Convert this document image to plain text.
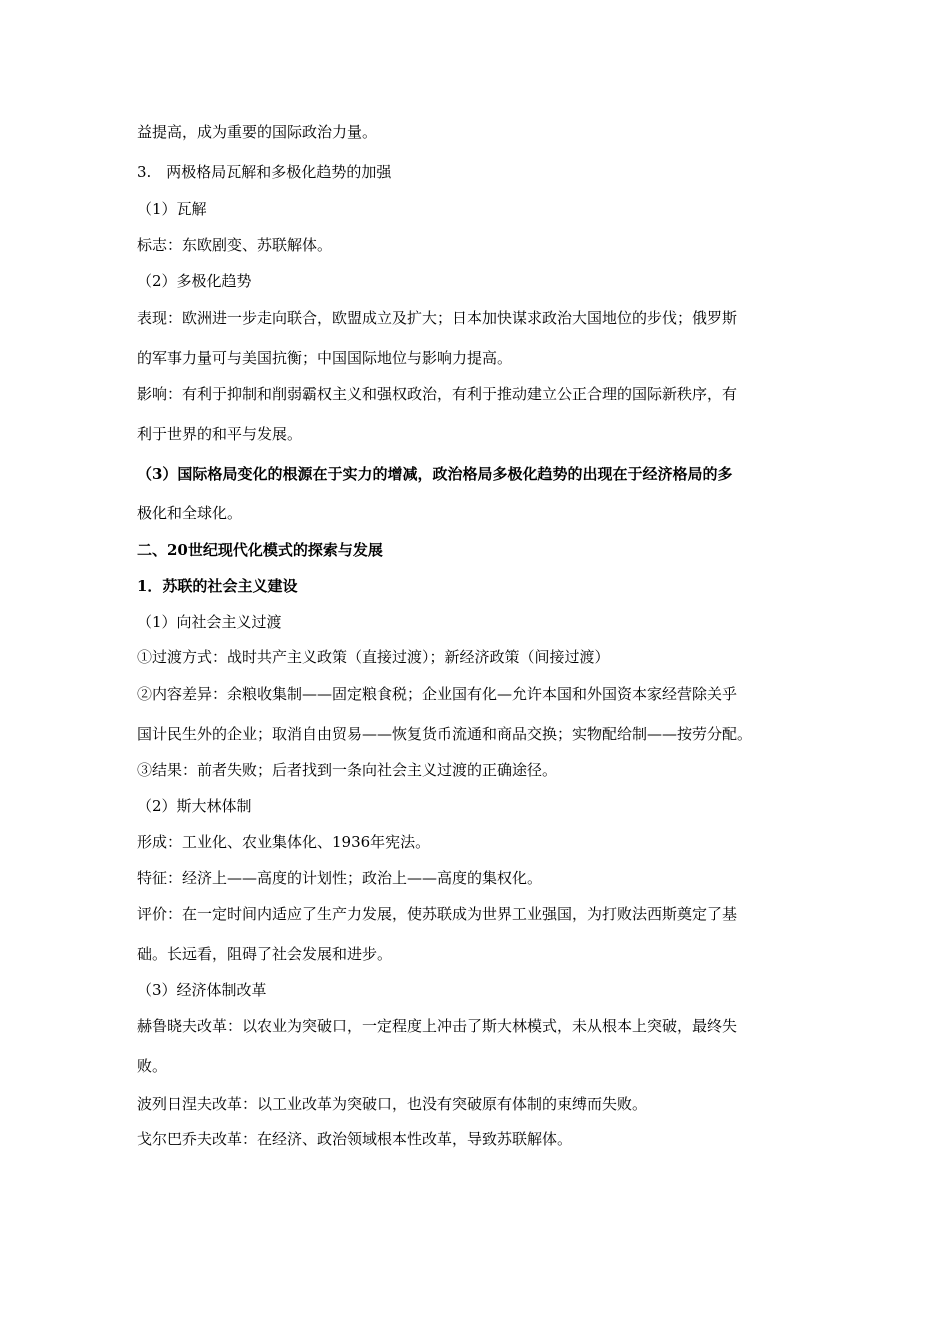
益提高，成为重要的国际政治力量。
3.　两极格局瓦解和多极化趋势的加强
（1）瓦解
标志：东欧剧变、苏联解体。
（2）多极化趋势
表现：欧洲进一步走向联合，欧盟成立及扩大；日本加快谋求政治大国地位的步伐；俄罗斯
的军事力量可与美国抗衡；中国国际地位与影响力提高。
影响：有利于抑制和削弱霸权主义和强权政治，有利于推动建立公正合理的国际新秩序，有
利于世界的和平与发展。
（3）国际格局变化的根源在于实力的增减，政治格局多极化趋势的出现在于经济格局的多
极化和全球化。
二、20世纪现代化模式的探索与发展
1．苏联的社会主义建设
（1）向社会主义过渡
①过渡方式：战时共产主义政策（直接过渡）；新经济政策（间接过渡）
②内容差异：余粮收集制——固定粮食税；企业国有化—允许本国和外国资本家经营除关乎
国计民生外的企业；取消自由贸易——恢复货币流通和商品交换；实物配给制——按劳分配。
③结果：前者失败；后者找到一条向社会主义过渡的正确途径。
（2）斯大林体制
形成：工业化、农业集体化、1936年宪法。
特征：经济上——高度的计划性；政治上——高度的集权化。
评价：在一定时间内适应了生产力发展，使苏联成为世界工业强国，为打败法西斯奠定了基
础。长远看，阻碍了社会发展和进步。
（3）经济体制改革
赫鲁晓夫改革：以农业为突破口，一定程度上冲击了斯大林模式，未从根本上突破，最终失
败。
波列日涅夫改革：以工业改革为突破口，也没有突破原有体制的束缚而失败。
戈尔巴乔夫改革：在经济、政治领域根本性改革，导致苏联解体。
